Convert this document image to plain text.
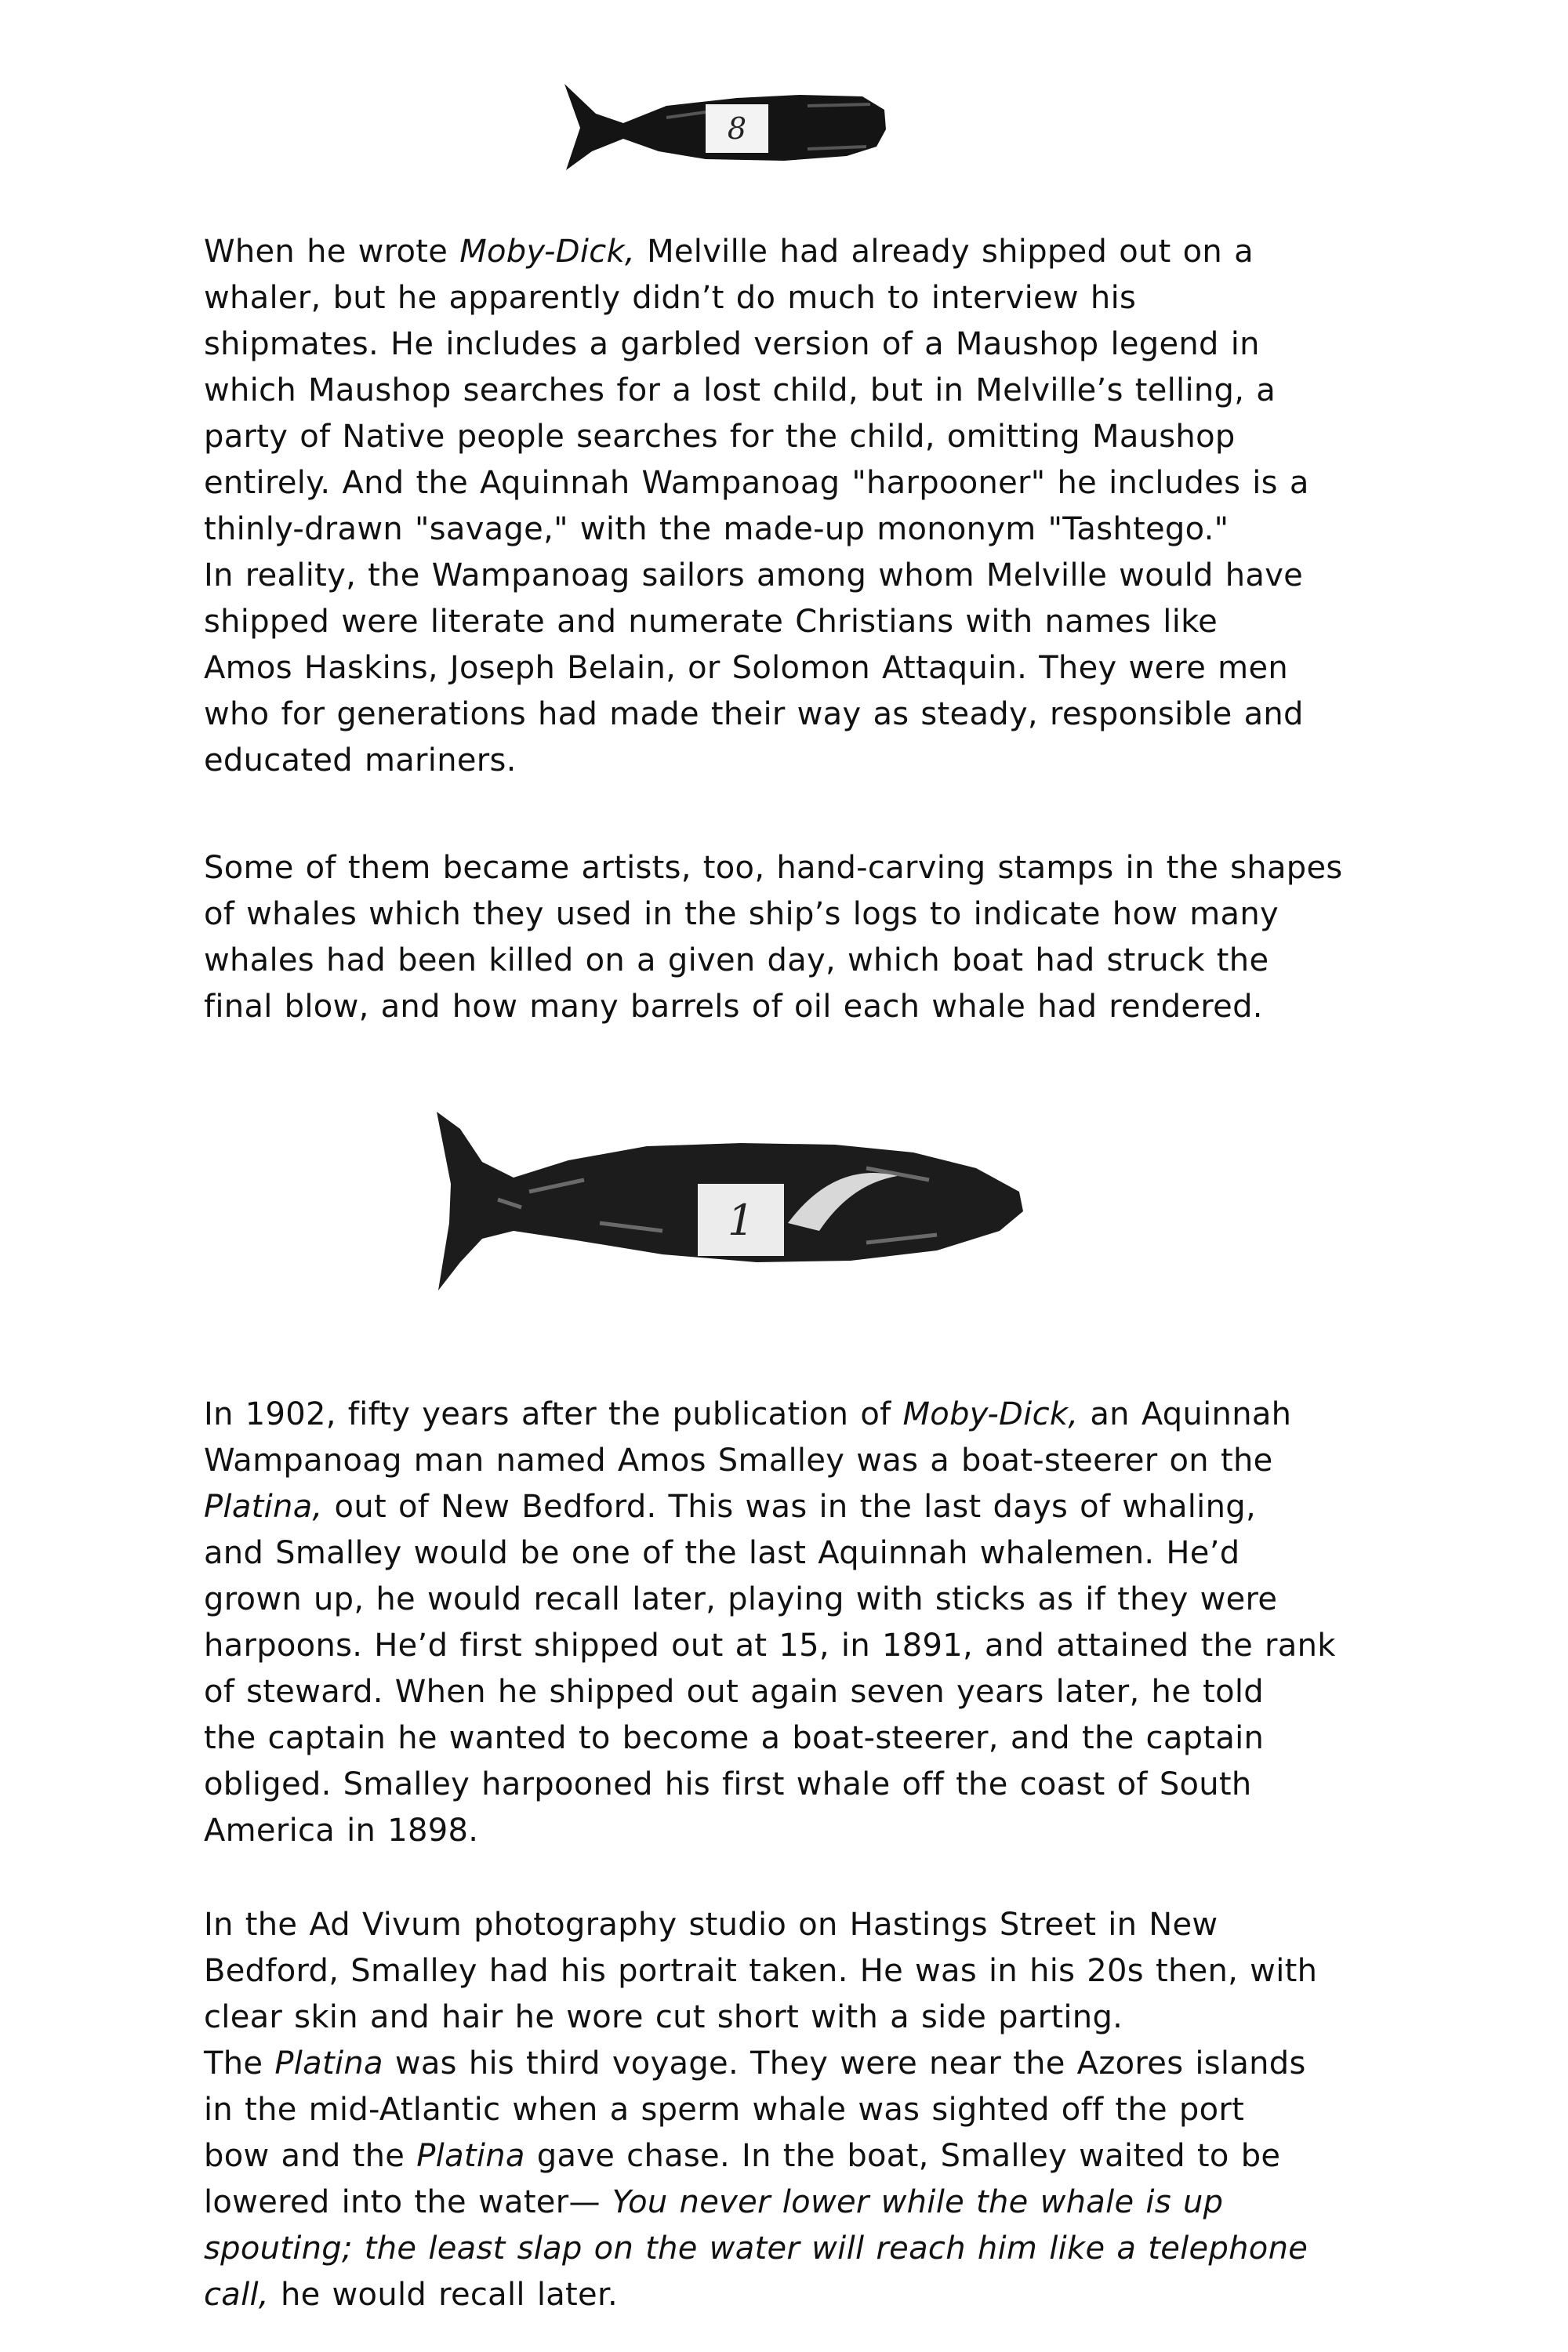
8
When he wrote Moby-Dick, Melville had already shipped out on a
whaler, but he apparently didn’t do much to interview his
shipmates. He includes a garbled version of a Maushop legend in
which Maushop searches for a lost child, but in Melville’s telling, a
party of Native people searches for the child, omitting Maushop
entirely. And the Aquinnah Wampanoag "harpooner" he includes is a
thinly-drawn "savage," with the made-up mononym "Tashtego."
In reality, the Wampanoag sailors among whom Melville would have
shipped were literate and numerate Christians with names like
Amos Haskins, Joseph Belain, or Solomon Attaquin. They were men
who for generations had made their way as steady, responsible and
educated mariners.
Some of them became artists, too, hand-carving stamps in the shapes
of whales which they used in the ship’s logs to indicate how many
whales had been killed on a given day, which boat had struck the
final blow, and how many barrels of oil each whale had rendered.
1
In 1902, fifty years after the publication of Moby-Dick, an Aquinnah
Wampanoag man named Amos Smalley was a boat-steerer on the
Platina, out of New Bedford. This was in the last days of whaling,
and Smalley would be one of the last Aquinnah whalemen. He’d
grown up, he would recall later, playing with sticks as if they were
harpoons. He’d first shipped out at 15, in 1891, and attained the rank
of steward. When he shipped out again seven years later, he told
the captain he wanted to become a boat-steerer, and the captain
obliged. Smalley harpooned his first whale off the coast of South
America in 1898.
In the Ad Vivum photography studio on Hastings Street in New
Bedford, Smalley had his portrait taken. He was in his 20s then, with
clear skin and hair he wore cut short with a side parting.
The Platina was his third voyage. They were near the Azores islands
in the mid-Atlantic when a sperm whale was sighted off the port
bow and the Platina gave chase. In the boat, Smalley waited to be
lowered into the water— You never lower while the whale is up
spouting; the least slap on the water will reach him like a telephone
call, he would recall later.
